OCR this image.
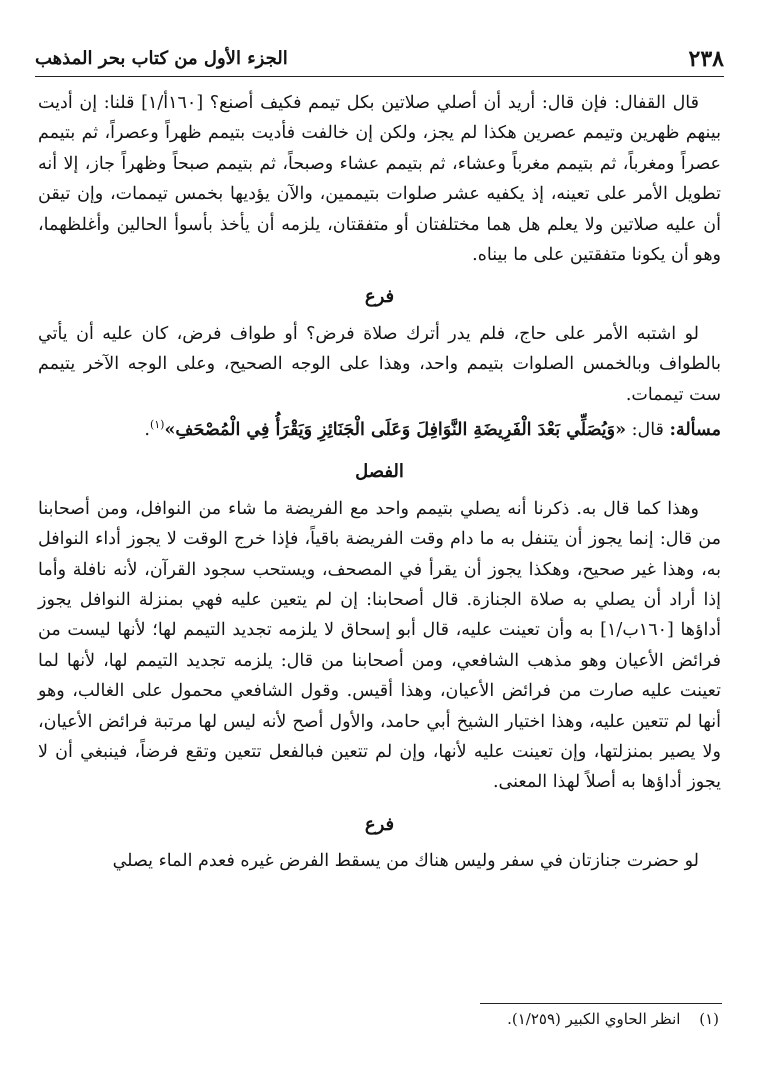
٢٣٨
الجزء الأول من كتاب بحر المذهب

قال القفال: فإن قال: أريد أن أصلي صلاتين بكل تيمم فكيف أصنع؟ [١٦٠أ/١] قلنا: إن أديت بينهم ظهرين وتيمم عصرين هكذا لم يجز، ولكن إن خالفت فأديت بتيمم ظهراً وعصراً، ثم بتيمم عصراً ومغرباً، ثم بتيمم مغرباً وعشاء، ثم بتيمم عشاء وصبحاً، ثم بتيمم صبحاً وظهراً جاز، إلا أنه تطويل الأمر على تعينه، إذ يكفيه عشر صلوات بتيممين، والآن يؤديها بخمس تيممات، وإن تيقن أن عليه صلاتين ولا يعلم هل هما مختلفتان أو متفقتان، يلزمه أن يأخذ بأسوأ الحالين وأغلظهما، وهو أن يكونا متفقتين على ما بيناه.

فرع

لو اشتبه الأمر على حاج، فلم يدر أترك صلاة فرض؟ أو طواف فرض، كان عليه أن يأتي بالطواف وبالخمس الصلوات بتيمم واحد، وهذا على الوجه الصحيح، وعلى الوجه الآخر يتيمم ست تيممات.

مسألة: قال: «وَيُصَلِّي بَعْدَ الْفَرِيضَةِ النَّوَافِلَ وَعَلَى الْجَنَائِزِ وَيَقْرَأُ فِي الْمُصْحَفِ»$^{(١)}$.

الفصل

وهذا كما قال به. ذكرنا أنه يصلي بتيمم واحد مع الفريضة ما شاء من النوافل، ومن أصحابنا من قال: إنما يجوز أن يتنفل به ما دام وقت الفريضة باقياً، فإذا خرج الوقت لا يجوز أداء النوافل به، وهذا غير صحيح، وهكذا يجوز أن يقرأ في المصحف، ويستحب سجود القرآن، لأنه نافلة وأما إذا أراد أن يصلي به صلاة الجنازة. قال أصحابنا: إن لم يتعين عليه فهي بمنزلة النوافل يجوز أداؤها [١٦٠ب/١] به وأن تعينت عليه، قال أبو إسحاق لا يلزمه تجديد التيمم لها؛ لأنها ليست من فرائض الأعيان وهو مذهب الشافعي، ومن أصحابنا من قال: يلزمه تجديد التيمم لها، لأنها لما تعينت عليه صارت من فرائض الأعيان، وهذا أقيس. وقول الشافعي محمول على الغالب، وهو أنها لم تتعين عليه، وهذا اختيار الشيخ أبي حامد، والأول أصح لأنه ليس لها مرتبة فرائض الأعيان، ولا يصير بمنزلتها، وإن تعينت عليه لأنها، وإن لم تتعين فبالفعل تتعين وتقع فرضاً، فينبغي أن لا يجوز أداؤها به أصلاً لهذا المعنى.

فرع

لو حضرت جنازتان في سفر وليس هناك من يسقط الفرض غيره فعدم الماء يصلي

(١) انظر الحاوي الكبير (١/٢٥٩).
